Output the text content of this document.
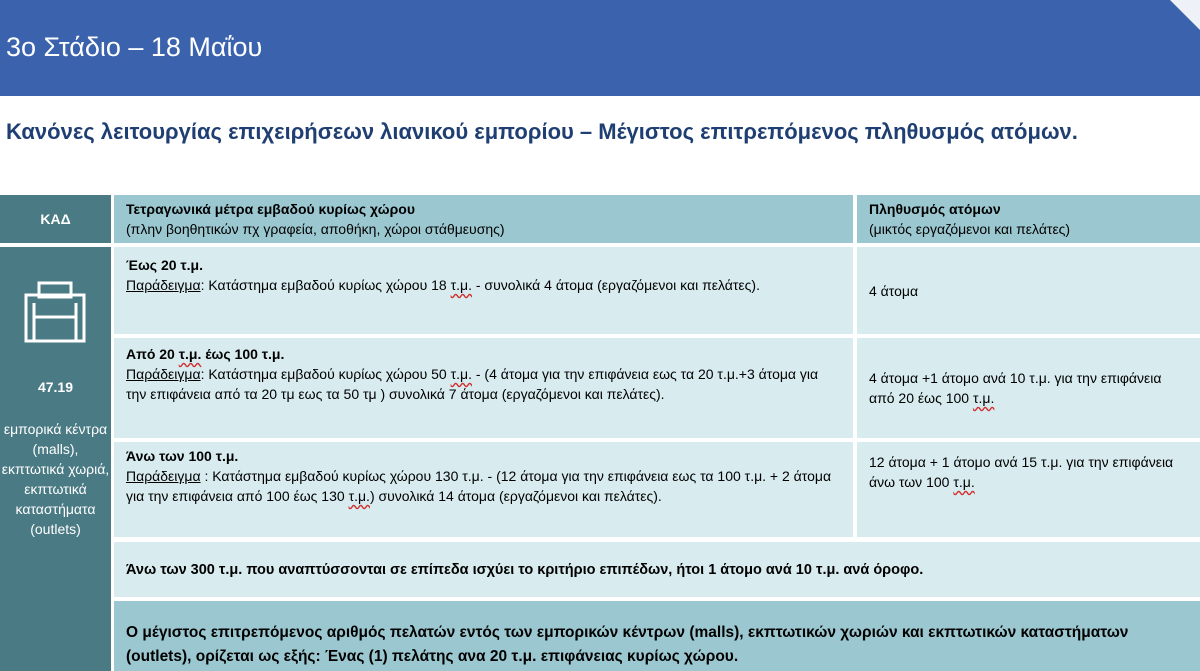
3ο Στάδιο – 18 Μαΐου
Κανόνες λειτουργίας επιχειρήσεων λιανικού εμπορίου – Μέγιστος επιτρεπόμενος πληθυσμός ατόμων.
ΚΑΔ
Τετραγωνικά μέτρα εμβαδού κυρίως χώρου
(πλην βοηθητικών πχ γραφεία, αποθήκη, χώροι στάθμευσης)
Πληθυσμός ατόμων
(μικτός εργαζόμενοι και πελάτες)
47.19
εμπορικά κέντρα (malls), εκπτωτικά χωριά, εκπτωτικά καταστήματα (outlets)
Έως 20 τ.μ.
Παράδειγμα: Κατάστημα εμβαδού κυρίως χώρου 18 τ.μ. - συνολικά 4 άτομα (εργαζόμενοι και πελάτες).	4 άτομα
Από 20 τ.μ. έως 100 τ.μ.
Παράδειγμα: Κατάστημα εμβαδού κυρίως χώρου 50 τ.μ. - (4 άτομα για την επιφάνεια εως τα 20 τ.μ.+3 άτομα για την επιφάνεια από τα 20 τμ εως τα 50 τμ ) συνολικά 7 άτομα (εργαζόμενοι και πελάτες).
4 άτομα +1 άτομο ανά 10 τ.μ. για την επιφάνεια από 20 έως 100 τ.μ.
Άνω των 100 τ.μ.
Παράδειγμα : Κατάστημα εμβαδού κυρίως χώρου 130 τ.μ. - (12 άτομα για την επιφάνεια εως τα 100 τ.μ. + 2 άτομα για την επιφάνεια από 100 έως 130 τ.μ.) συνολικά 14 άτομα (εργαζόμενοι και πελάτες).
12 άτομα + 1 άτομο ανά 15 τ.μ. για την επιφάνεια άνω των 100 τ.μ.
Άνω των 300 τ.μ. που αναπτύσσονται σε επίπεδα ισχύει το κριτήριο επιπέδων, ήτοι 1 άτομο ανά 10 τ.μ. ανά όροφο.
Ο μέγιστος επιτρεπόμενος αριθμός πελατών εντός των εμπορικών κέντρων (malls), εκπτωτικών χωριών και εκπτωτικών καταστήματων (outlets), ορίζεται ως εξής: Ένας (1) πελάτης ανα 20 τ.μ. επιφάνειας κυρίως χώρου.
